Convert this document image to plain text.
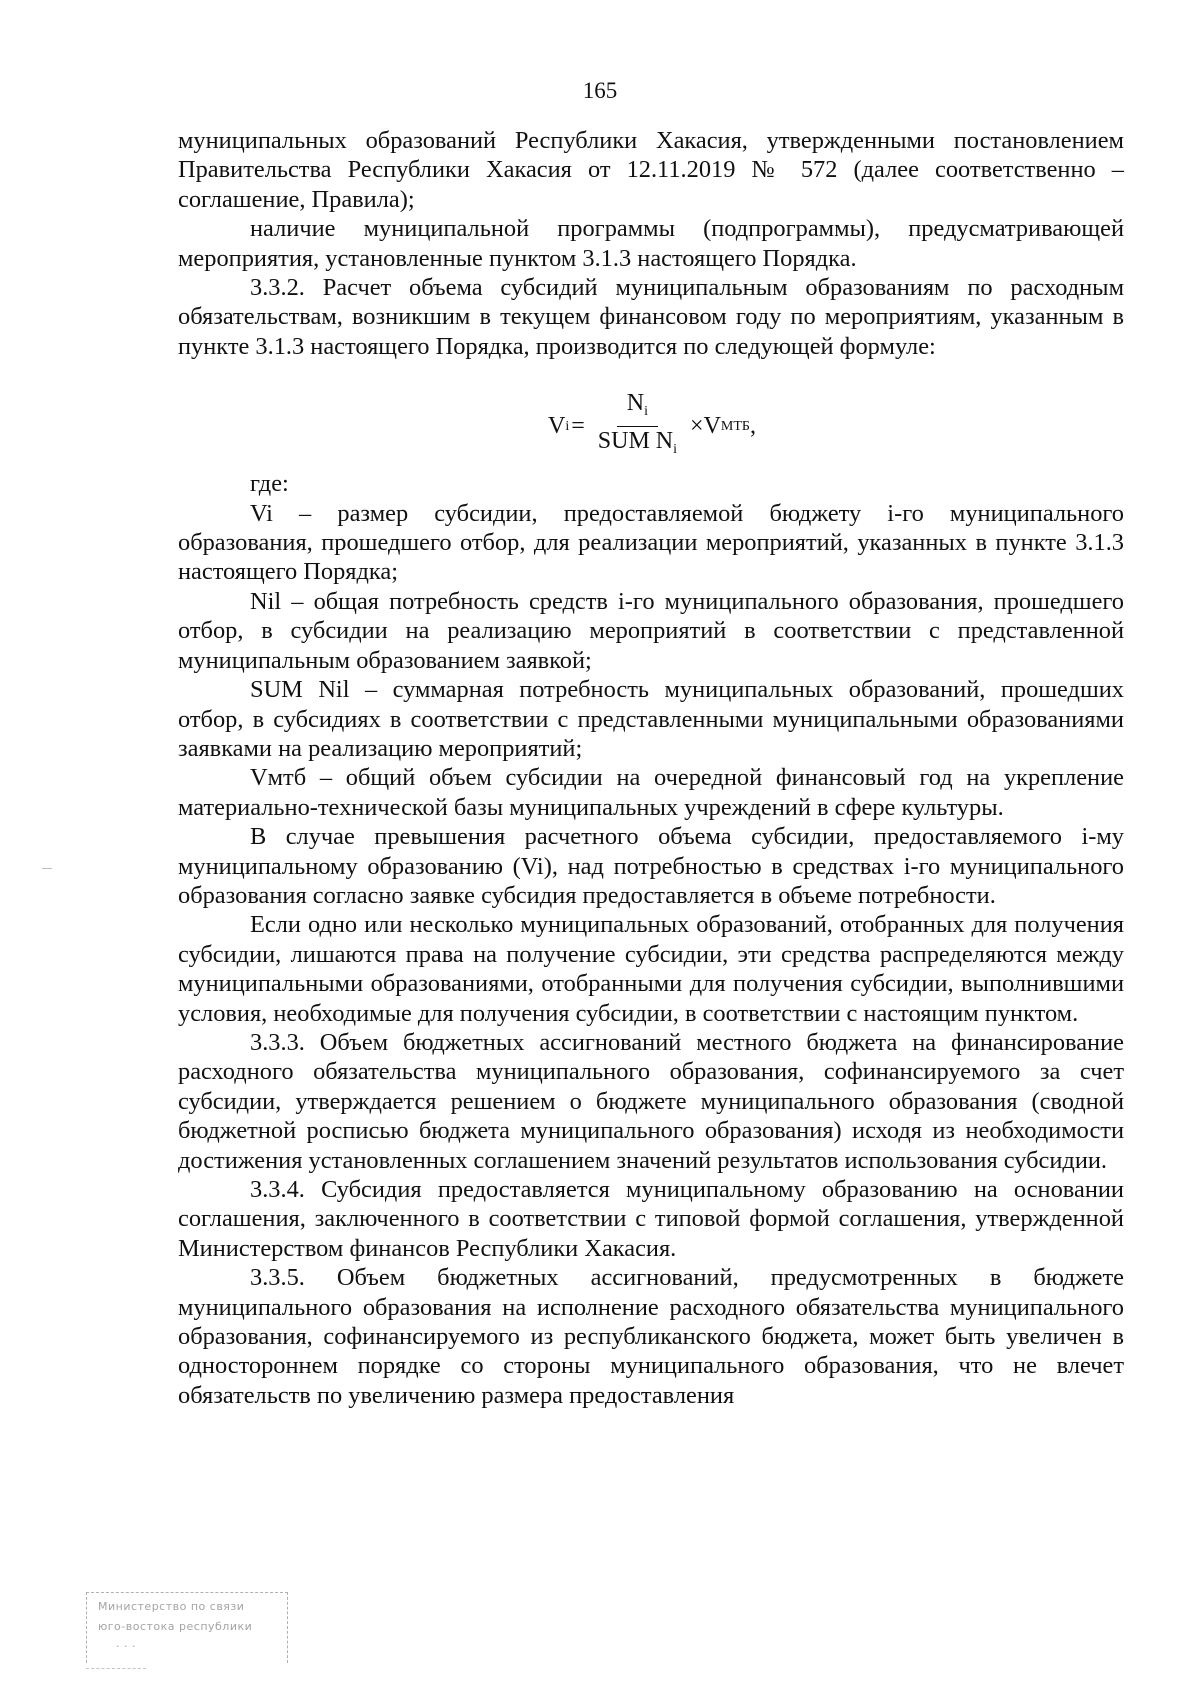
165

муниципальных образований Республики Хакасия, утвержденными постановлением Правительства Республики Хакасия от 12.11.2019 № 572 (далее соответственно – соглашение, Правила);

наличие муниципальной программы (подпрограммы), предусматривающей мероприятия, установленные пунктом 3.1.3 настоящего Порядка.

3.3.2. Расчет объема субсидий муниципальным образованиям по расходным обязательствам, возникшим в текущем финансовом году по мероприятиям, указанным в пункте 3.1.3 настоящего Порядка, производится по следующей формуле:

V $i = \frac{N_i}{SUM N_i} \times V$ МТБ ,

где:

Vi – размер субсидии, предоставляемой бюджету i-го муниципального образования, прошедшего отбор, для реализации мероприятий, указанных в пункте 3.1.3 настоящего Порядка;

Nil – общая потребность средств i-го муниципального образования, прошедшего отбор, в субсидии на реализацию мероприятий в соответствии с представленной муниципальным образованием заявкой;

SUM Nil – суммарная потребность муниципальных образований, прошедших отбор, в субсидиях в соответствии с представленными муниципальными образованиями заявками на реализацию мероприятий;

Vмтб – общий объем субсидии на очередной финансовый год на укрепление материально-технической базы муниципальных учреждений в сфере культуры.

В случае превышения расчетного объема субсидии, предоставляемого i-му муниципальному образованию (Vi), над потребностью в средствах i-го муниципального образования согласно заявке субсидия предоставляется в объеме потребности.

Если одно или несколько муниципальных образований, отобранных для получения субсидии, лишаются права на получение субсидии, эти средства распределяются между муниципальными образованиями, отобранными для получения субсидии, выполнившими условия, необходимые для получения субсидии, в соответствии с настоящим пунктом.

3.3.3. Объем бюджетных ассигнований местного бюджета на финансирование расходного обязательства муниципального образования, софинансируемого за счет субсидии, утверждается решением о бюджете муниципального образования (сводной бюджетной росписью бюджета муниципального образования) исходя из необходимости достижения установленных соглашением значений результатов использования субсидии.

3.3.4. Субсидия предоставляется муниципальному образованию на основании соглашения, заключенного в соответствии с типовой формой соглашения, утвержденной Министерством финансов Республики Хакасия.

3.3.5. Объем бюджетных ассигнований, предусмотренных в бюджете муниципального образования на исполнение расходного обязательства муниципального образования, софинансируемого из республиканского бюджета, может быть увеличен в одностороннем порядке со стороны муниципального образования, что не влечет обязательств по увеличению размера предоставления

Министерство по связи
юго-востока республики
· · ·
